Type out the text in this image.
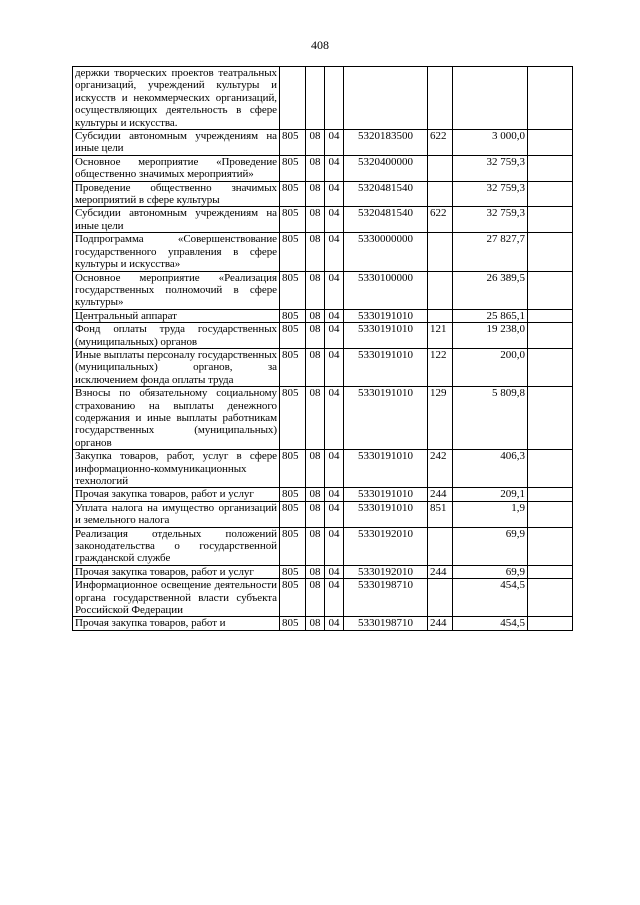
408
держки творческих проектов театральных организаций, учреждений культуры и искусств и некоммерческих организаций, осуществляющих деятельность в сфере культуры и искусства.							
Субсидии автономным учреждениям на иные цели	805	08	04	5320183500	622	3 000,0	
Основное мероприятие «Проведение общественно значимых мероприятий»	805	08	04	5320400000		32 759,3	
Проведение общественно значимых мероприятий в сфере культуры	805	08	04	5320481540		32 759,3	
Субсидии автономным учреждениям на иные цели	805	08	04	5320481540	622	32 759,3	
Подпрограмма «Совершенствование государственного управления в сфере культуры и искусства»	805	08	04	5330000000		27 827,7	
Основное мероприятие «Реализация государственных полномочий в сфере культуры»	805	08	04	5330100000		26 389,5	
Центральный аппарат	805	08	04	5330191010		25 865,1	
Фонд оплаты труда государственных (муниципальных) органов	805	08	04	5330191010	121	19 238,0	
Иные выплаты персоналу государственных (муниципальных) органов, за исключением фонда оплаты труда	805	08	04	5330191010	122	200,0	
Взносы по обязательному социальному страхованию на выплаты денежного содержания и иные выплаты работникам государственных (муниципальных) органов	805	08	04	5330191010	129	5 809,8	
Закупка товаров, работ, услуг в сфере информационно-коммуникационных технологий	805	08	04	5330191010	242	406,3	
Прочая закупка товаров, работ и услуг	805	08	04	5330191010	244	209,1	
Уплата налога на имущество организаций и земельного налога	805	08	04	5330191010	851	1,9	
Реализация отдельных положений законодательства о государственной гражданской службе	805	08	04	5330192010		69,9	
Прочая закупка товаров, работ и услуг	805	08	04	5330192010	244	69,9	
Информационное освещение деятельности органа государственной власти субъекта Российской Федерации	805	08	04	5330198710		454,5	
Прочая закупка товаров, работ и	805	08	04	5330198710	244	454,5	
